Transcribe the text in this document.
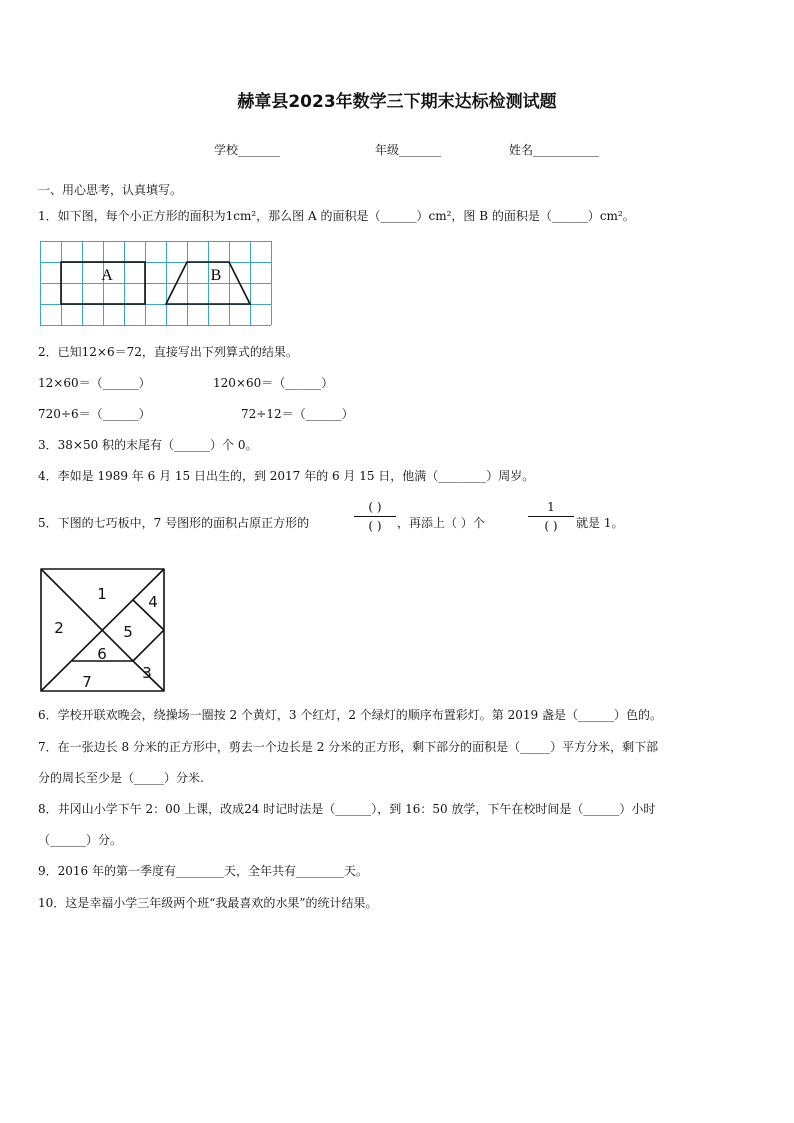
赫章县2023年数学三下期末达标检测试题
学校_______	年级_______	姓名___________
一、用心思考，认真填写。
1．如下图，每个小正方形的面积为1cm²，那么图 A 的面积是（______）cm²，图 B 的面积是（______）cm²。
A	B
2．已知12×6＝72，直接写出下列算式的结果。
12×60＝（______）	120×60＝（______）
720÷6＝（______）	72÷12＝（______）
3．38×50 积的末尾有（______）个 0。
4．李如是 1989 年 6 月 15 日出生的，到 2017 年的 6 月 15 日，他满（________）周岁。
5．下图的七巧板中，7 号图形的面积占原正方形的
( )
( )	，再添上（ ）个
1
( )	就是 1。
1
2
3
4
5
6
7
6．学校开联欢晚会，绕操场一圈按 2 个黄灯，3 个红灯，2 个绿灯的顺序布置彩灯。第 2019 盏是（______）色的。
7．在一张边长 8 分米的正方形中，剪去一个边长是 2 分米的正方形，剩下部分的面积是（_____）平方分米，剩下部
分的周长至少是（_____）分米.
8．井冈山小学下午 2：00 上课，改成24 时记时法是（______），到 16：50 放学，下午在校时间是（______）小时
（______）分。
9．2016 年的第一季度有________天，全年共有________天。
10．这是幸福小学三年级两个班“我最喜欢的水果”的统计结果。
